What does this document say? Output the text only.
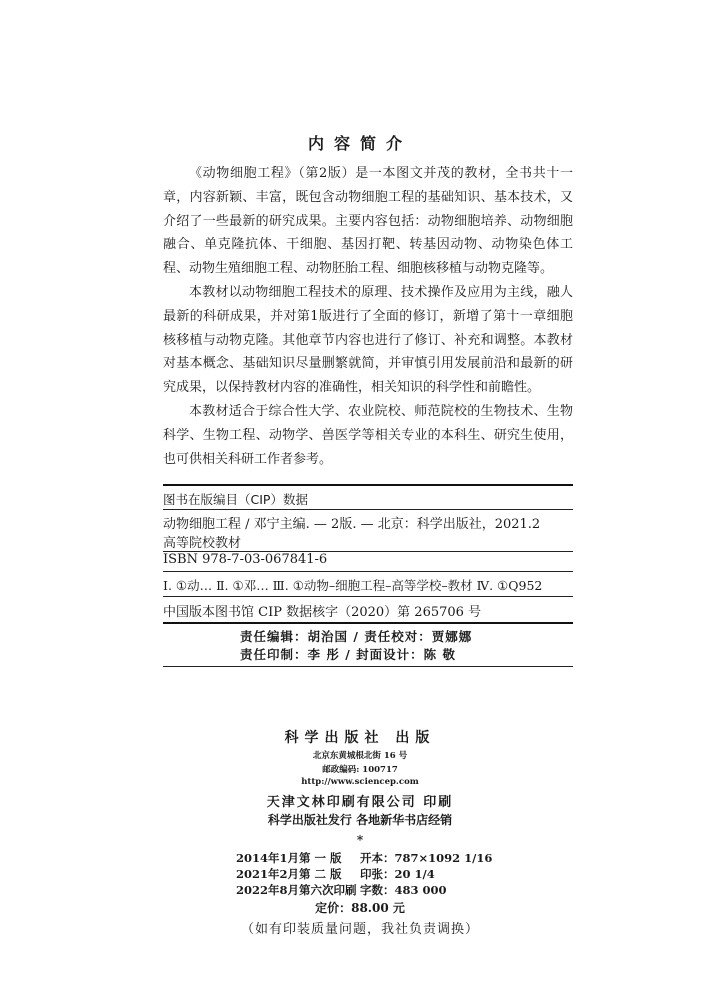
内容简介

《动物细胞工程》（第2版）是一本图文并茂的教材，全书共十一章，内容新颖、丰富，既包含动物细胞工程的基础知识、基本技术，又介绍了一些最新的研究成果。主要内容包括：动物细胞培养、动物细胞融合、单克隆抗体、干细胞、基因打靶、转基因动物、动物染色体工程、动物生殖细胞工程、动物胚胎工程、细胞核移植与动物克隆等。

本教材以动物细胞工程技术的原理、技术操作及应用为主线，融人最新的科研成果，并对第1版进行了全面的修订，新增了第十一章细胞核移植与动物克隆。其他章节内容也进行了修订、补充和调整。本教材对基本概念、基础知识尽量删繁就简，并审慎引用发展前沿和最新的研究成果，以保持教材内容的准确性，相关知识的科学性和前瞻性。

本教材适合于综合性大学、农业院校、师范院校的生物技术、生物科学、生物工程、动物学、兽医学等相关专业的本科生、研究生使用，也可供相关科研工作者参考。

图书在版编目（CIP）数据
动物细胞工程 / 邓宁主编. — 2版. — 北京：科学出版社，2021.2
高等院校教材
ISBN 978-7-03-067841-6
Ⅰ. ①动… Ⅱ. ①邓… Ⅲ. ①动物–细胞工程–高等学校–教材 Ⅳ. ①Q952
中国版本图书馆 CIP 数据核字（2020）第 265706 号
责任编辑：胡治国 / 责任校对：贾娜娜
责任印制：李 彤 / 封面设计：陈 敬
科学出版社 出版
北京东黄城根北街 16 号
邮政编码: 100717
http://www.sciencep.com
天津文林印刷有限公司 印刷
科学出版社发行 各地新华书店经销
*
2014年1月第 一 版 开本：787×1092 1/16
2021年2月第 二 版 印张：20 1/4
2022年8月第六次印刷 字数：483 000
定价：88.00 元
（如有印装质量问题，我社负责调换）
